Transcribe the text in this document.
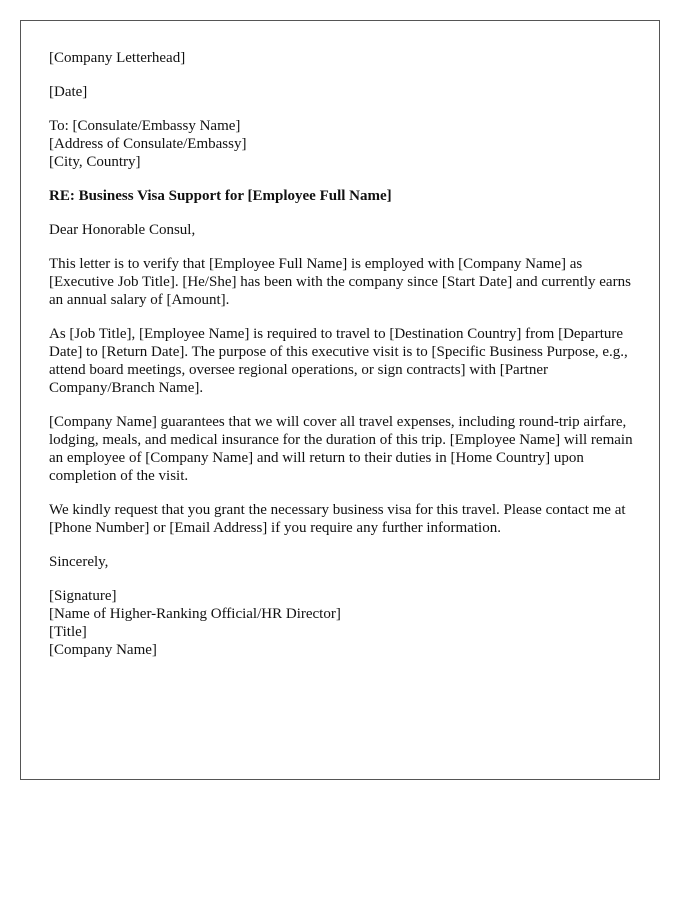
[Company Letterhead]
[Date]
To: [Consulate/Embassy Name]
[Address of Consulate/Embassy]
[City, Country]
RE: Business Visa Support for [Employee Full Name]
Dear Honorable Consul,
This letter is to verify that [Employee Full Name] is employed with [Company Name] as [Executive Job Title]. [He/She] has been with the company since [Start Date] and currently earns an annual salary of [Amount].
As [Job Title], [Employee Name] is required to travel to [Destination Country] from [Departure Date] to [Return Date]. The purpose of this executive visit is to [Specific Business Purpose, e.g., attend board meetings, oversee regional operations, or sign contracts] with [Partner Company/Branch Name].
[Company Name] guarantees that we will cover all travel expenses, including round-trip airfare, lodging, meals, and medical insurance for the duration of this trip. [Employee Name] will remain an employee of [Company Name] and will return to their duties in [Home Country] upon completion of the visit.
We kindly request that you grant the necessary business visa for this travel. Please contact me at [Phone Number] or [Email Address] if you require any further information.
Sincerely,
[Signature]
[Name of Higher-Ranking Official/HR Director]
[Title]
[Company Name]
